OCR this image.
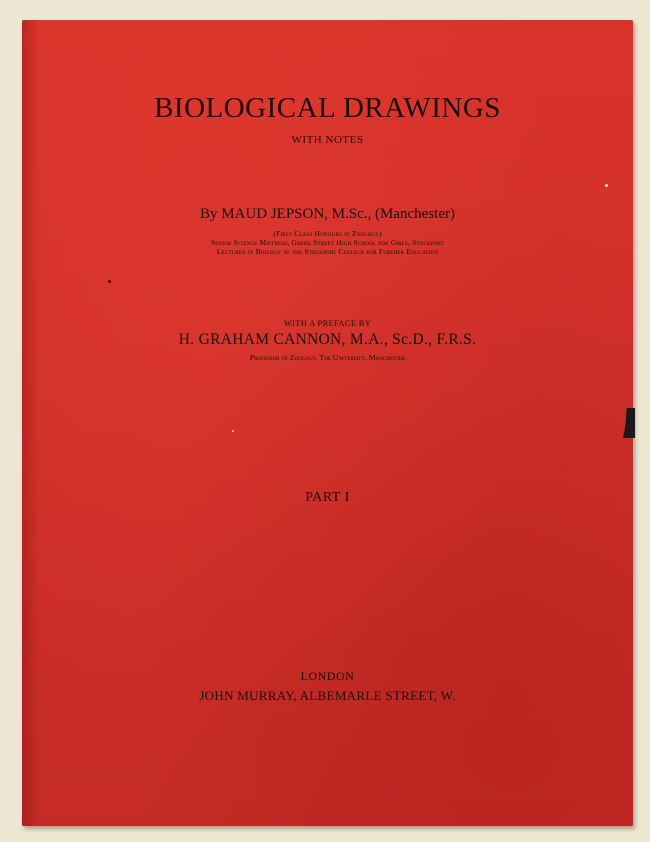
BIOLOGICAL DRAWINGS

WITH NOTES

By MAUD JEPSON, M.Sc., (Manchester)

(First Class Honours in Zoology)

Senior Science Mistress, Greek Street High School for Girls, Stockport

Lecturer in Biology at the Stockport College for Further Education

WITH A PREFACE BY

H. GRAHAM CANNON, M.A., Sc.D., F.R.S.

Professor of Zoology, The University, Manchester

PART I

LONDON

JOHN MURRAY, ALBEMARLE STREET, W.
